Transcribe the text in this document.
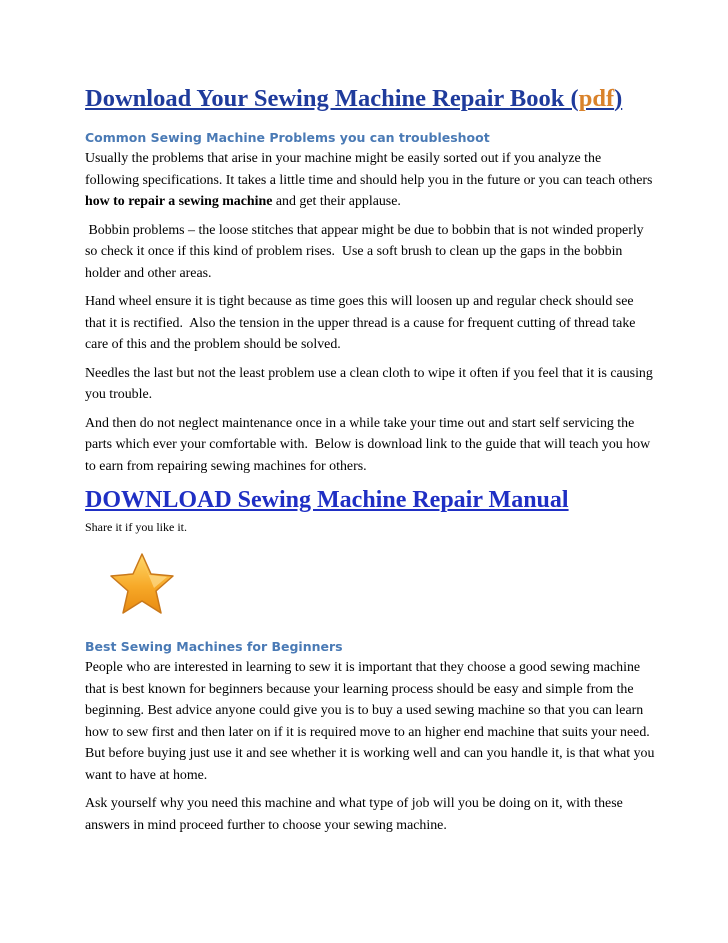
Download Your Sewing Machine Repair Book (pdf)
Common Sewing Machine Problems you can troubleshoot

Usually the problems that arise in your machine might be easily sorted out if you analyze the following specifications. It takes a little time and should help you in the future or you can teach others how to repair a sewing machine and get their applause.

Bobbin problems – the loose stitches that appear might be due to bobbin that is not winded properly so check it once if this kind of problem rises.  Use a soft brush to clean up the gaps in the bobbin holder and other areas.

Hand wheel ensure it is tight because as time goes this will loosen up and regular check should see that it is rectified.  Also the tension in the upper thread is a cause for frequent cutting of thread take care of this and the problem should be solved.

Needles the last but not the least problem use a clean cloth to wipe it often if you feel that it is causing you trouble.

And then do not neglect maintenance once in a while take your time out and start self servicing the parts which ever your comfortable with.  Below is download link to the guide that will teach you how to earn from repairing sewing machines for others.

DOWNLOAD Sewing Machine Repair Manual

Share it if you like it.

Best Sewing Machines for Beginners

People who are interested in learning to sew it is important that they choose a good sewing machine that is best known for beginners because your learning process should be easy and simple from the beginning. Best advice anyone could give you is to buy a used sewing machine so that you can learn how to sew first and then later on if it is required move to an higher end machine that suits your need. But before buying just use it and see whether it is working well and can you handle it, is that what you want to have at home.

Ask yourself why you need this machine and what type of job will you be doing on it, with these answers in mind proceed further to choose your sewing machine.
